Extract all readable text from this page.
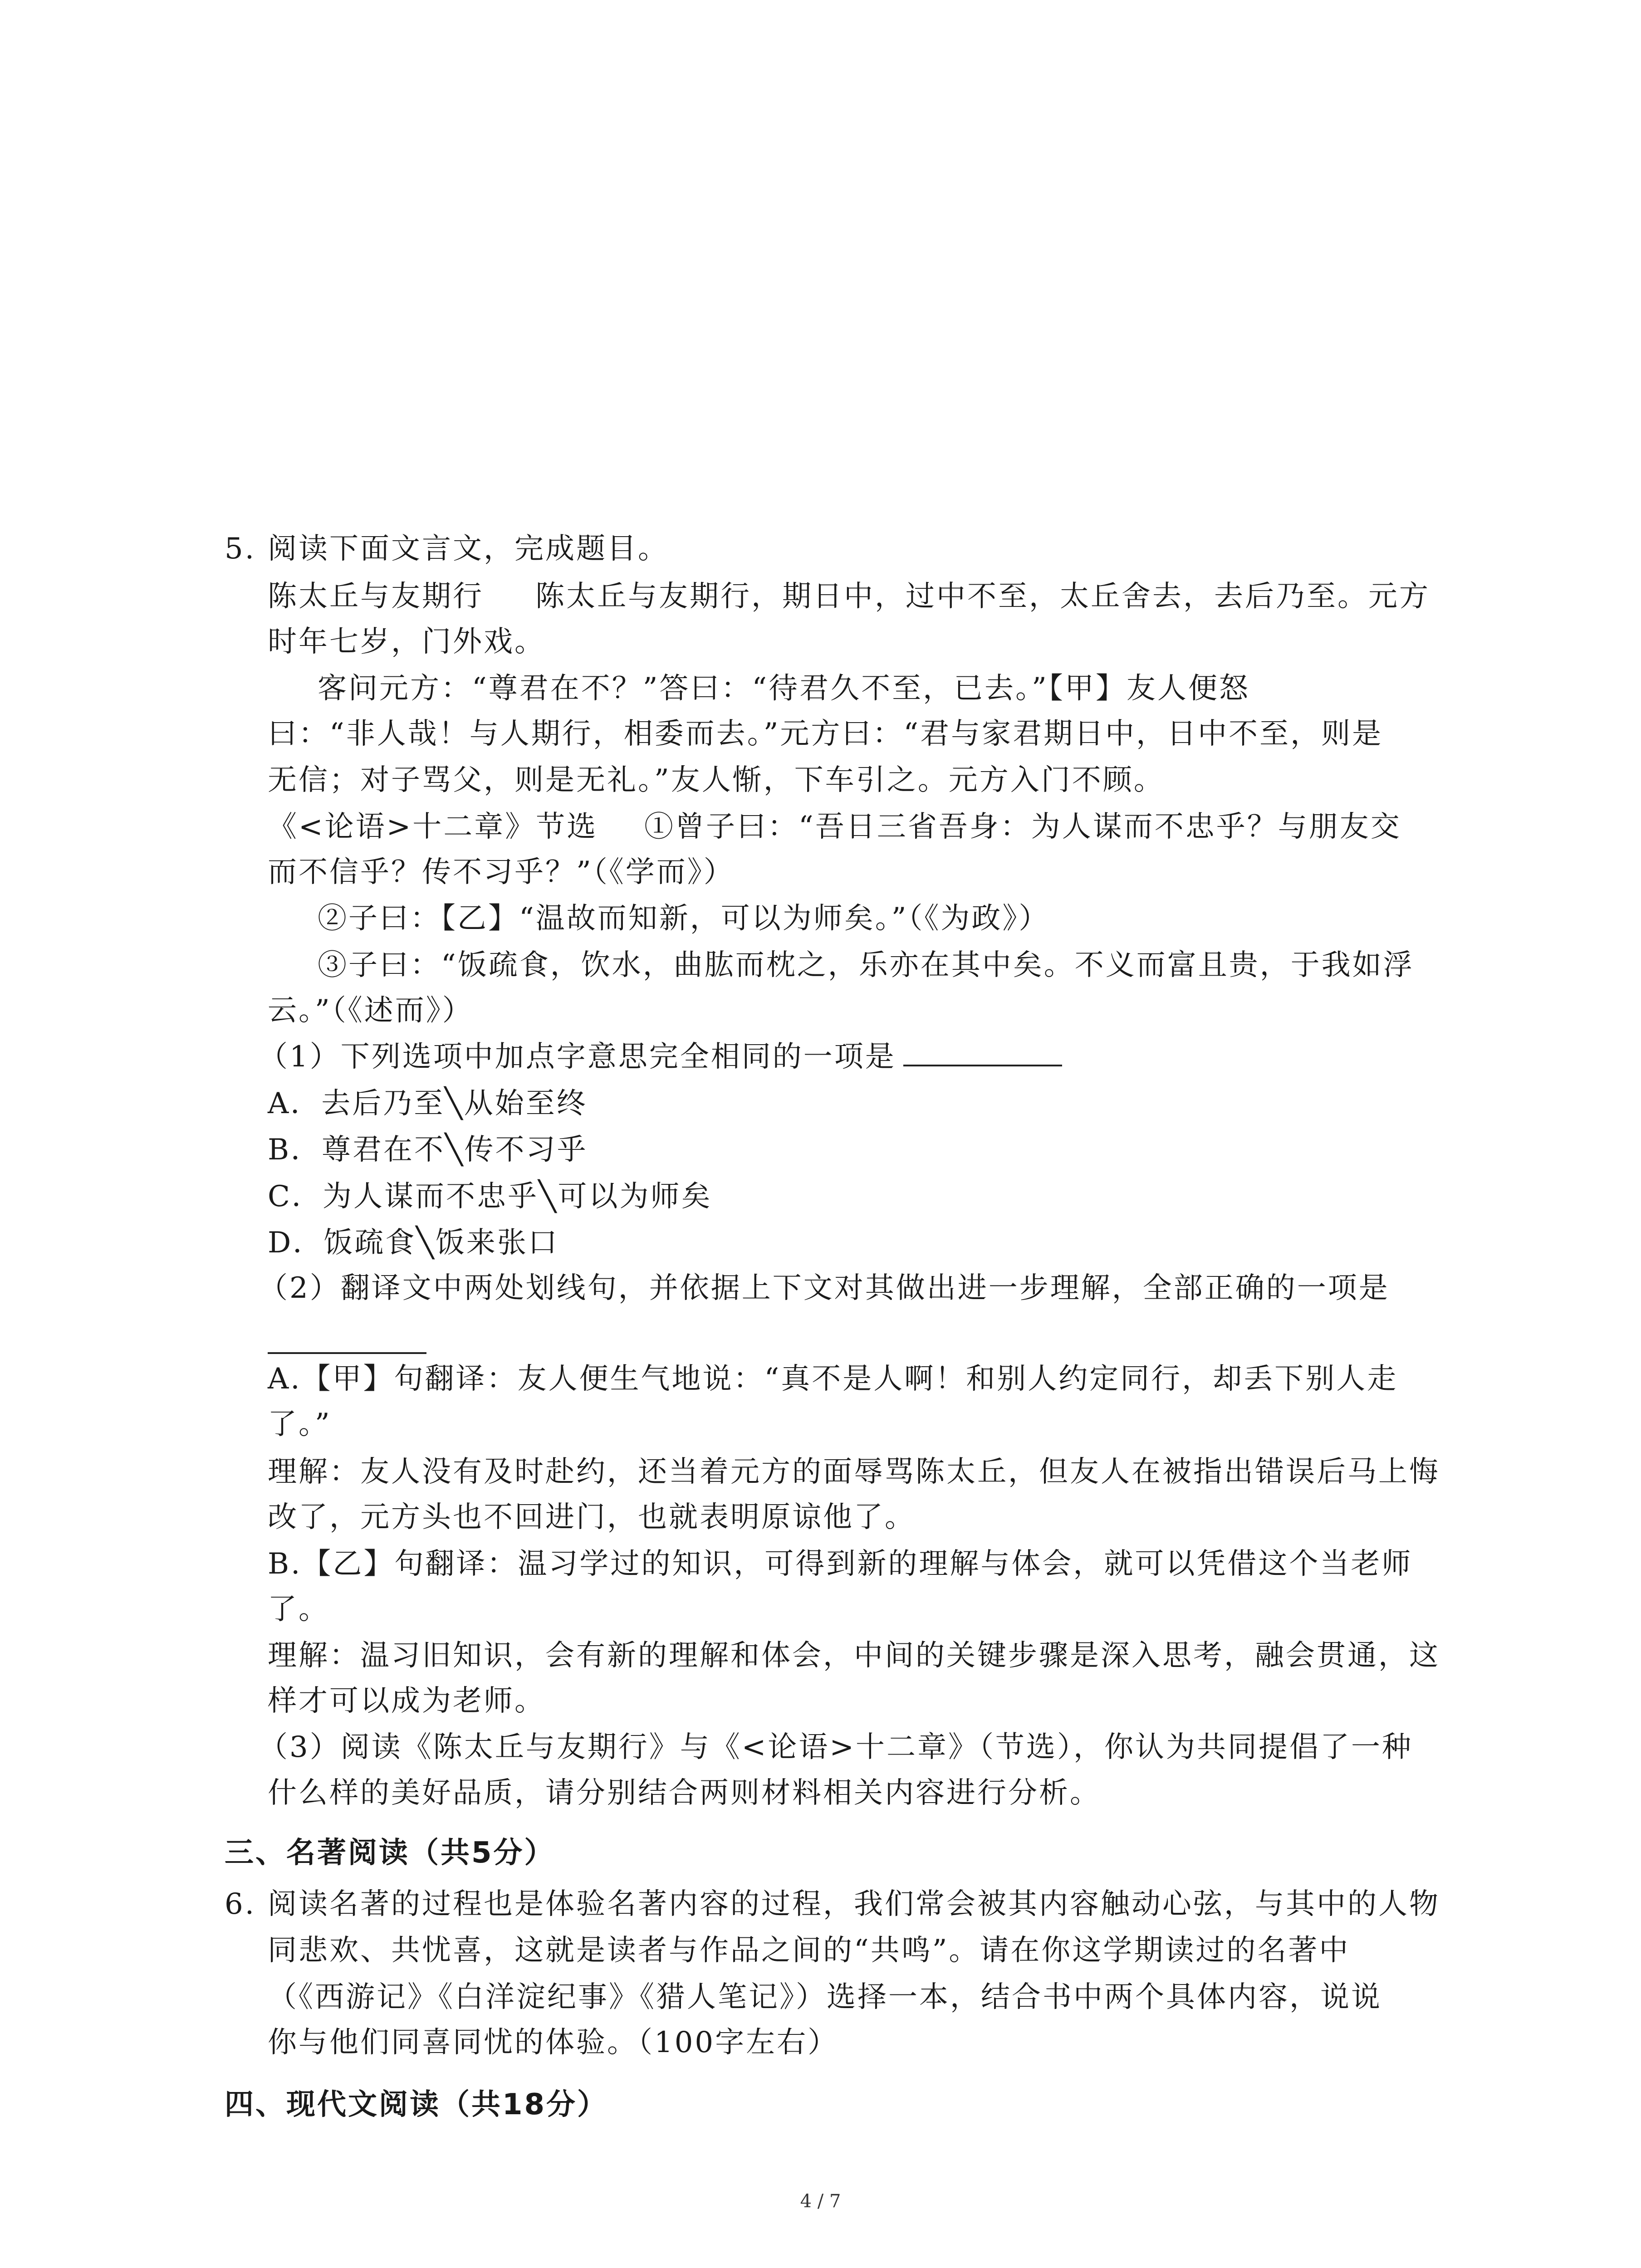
5. 阅读下面文言文，完成题目。
陈太丘与友期行 陈太丘与友期行，期日中，过中不至，太丘舍去，去后乃至。元方
时年七岁，门外戏。
客问元方：“尊君在不？”答曰：“待君久不至，已去。”【甲】友人便怒
曰：“非人哉！与人期行，相委而去。”元方曰：“君与家君期日中，日中不至，则是
无信；对子骂父，则是无礼。”友人惭，下车引之。元方入门不顾。
《<论语>十二章》节选 ①曾子曰：“吾日三省吾身：为人谋而不忠乎？与朋友交
而不信乎？传不习乎？”（《学而》）
②子曰：【乙】“温故而知新，可以为师矣。”（《为政》）
③子曰：“饭疏食，饮水，曲肱而枕之，乐亦在其中矣。不义而富且贵，于我如浮
云。”（《述而》）
（1）下列选项中加点字意思完全相同的一项是
A．去后乃至╲从始至终
B．尊君在不╲传不习乎
C．为人谋而不忠乎╲可以为师矣
D．饭疏食╲饭来张口
（2）翻译文中两处划线句，并依据上下文对其做出进一步理解，全部正确的一项是
A.【甲】句翻译：友人便生气地说：“真不是人啊！和别人约定同行，却丢下别人走
了。”
理解：友人没有及时赴约，还当着元方的面辱骂陈太丘，但友人在被指出错误后马上悔
改了，元方头也不回进门，也就表明原谅他了。
B.【乙】句翻译：温习学过的知识，可得到新的理解与体会，就可以凭借这个当老师
了。
理解：温习旧知识，会有新的理解和体会，中间的关键步骤是深入思考，融会贯通，这
样才可以成为老师。
（3）阅读《陈太丘与友期行》与《<论语>十二章》（节选），你认为共同提倡了一种
什么样的美好品质，请分别结合两则材料相关内容进行分析。
三、名著阅读（共5分）
6. 阅读名著的过程也是体验名著内容的过程，我们常会被其内容触动心弦，与其中的人物
同悲欢、共忧喜，这就是读者与作品之间的“共鸣”。请在你这学期读过的名著中
（《西游记》《白洋淀纪事》《猎人笔记》）选择一本，结合书中两个具体内容，说说
你与他们同喜同忧的体验。（100字左右）
四、现代文阅读（共18分）
4 / 7
